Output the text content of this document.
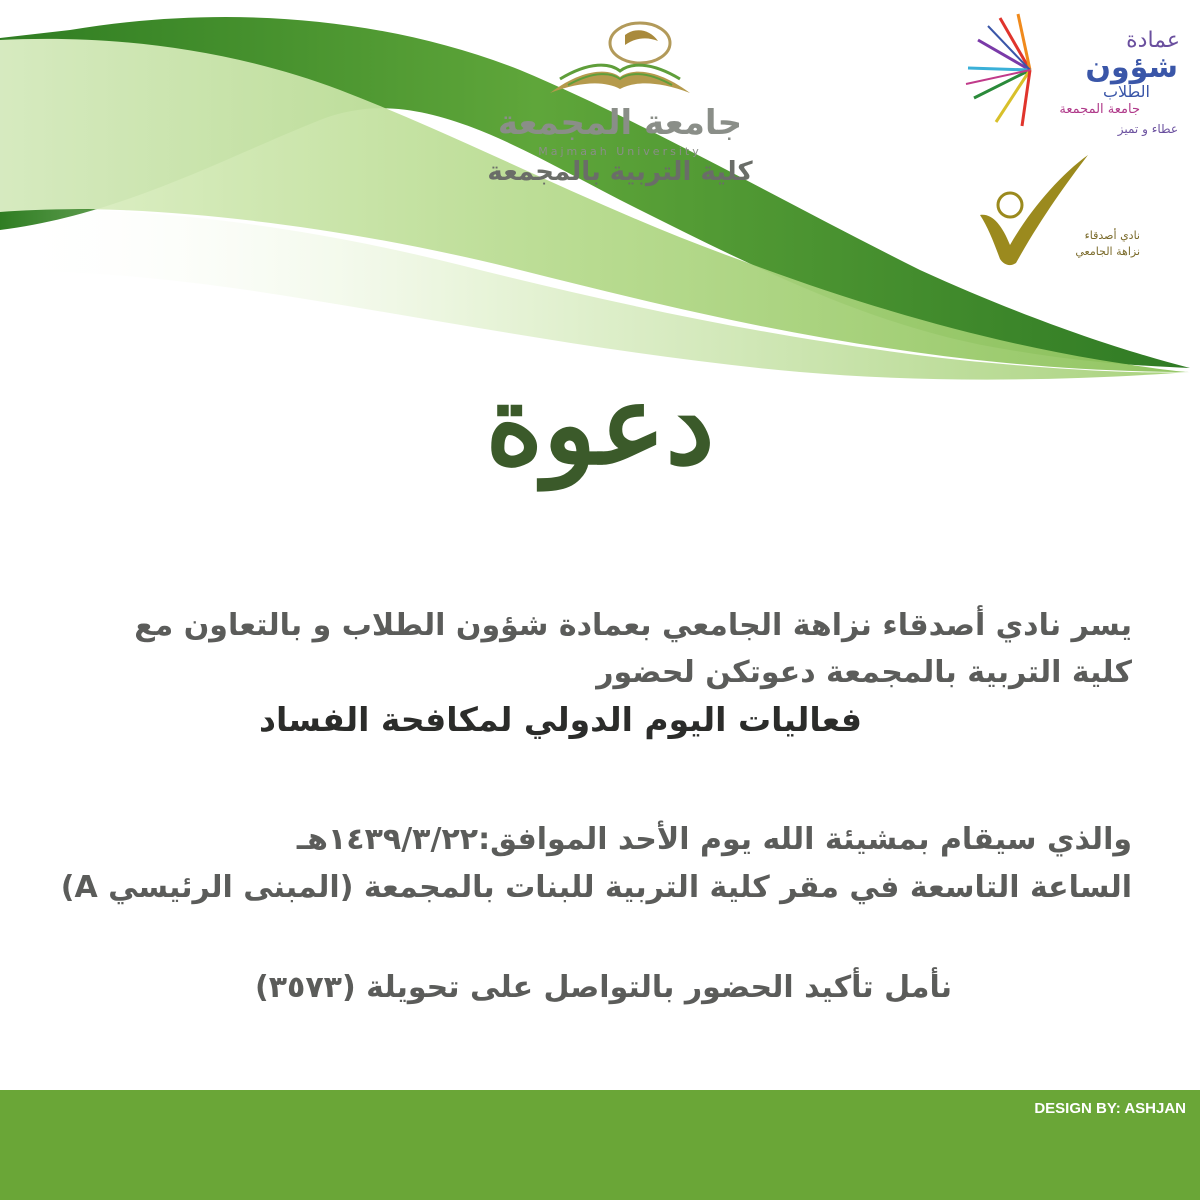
جامعة المجمعة
Majmaah University
كلية التربية بالمجمعة
عمادة
شؤون
الطلاب
جامعة المجمعة
عطاء و تميز
نادي أصدقاء
نزاهة الجامعي
دعوة
يسر نادي أصدقاء نزاهة الجامعي بعمادة شؤون الطلاب و بالتعاون مع
كلية التربية بالمجمعة دعوتكن لحضور
فعاليات اليوم الدولي لمكافحة الفساد
والذي سيقام بمشيئة الله يوم الأحد الموافق:١٤٣٩/٣/٢٢هـ
الساعة التاسعة في مقر كلية التربية للبنات بالمجمعة (المبنى الرئيسي A)
نأمل تأكيد الحضور بالتواصل على تحويلة (٣٥٧٣)
DESIGN BY: ASHJAN
